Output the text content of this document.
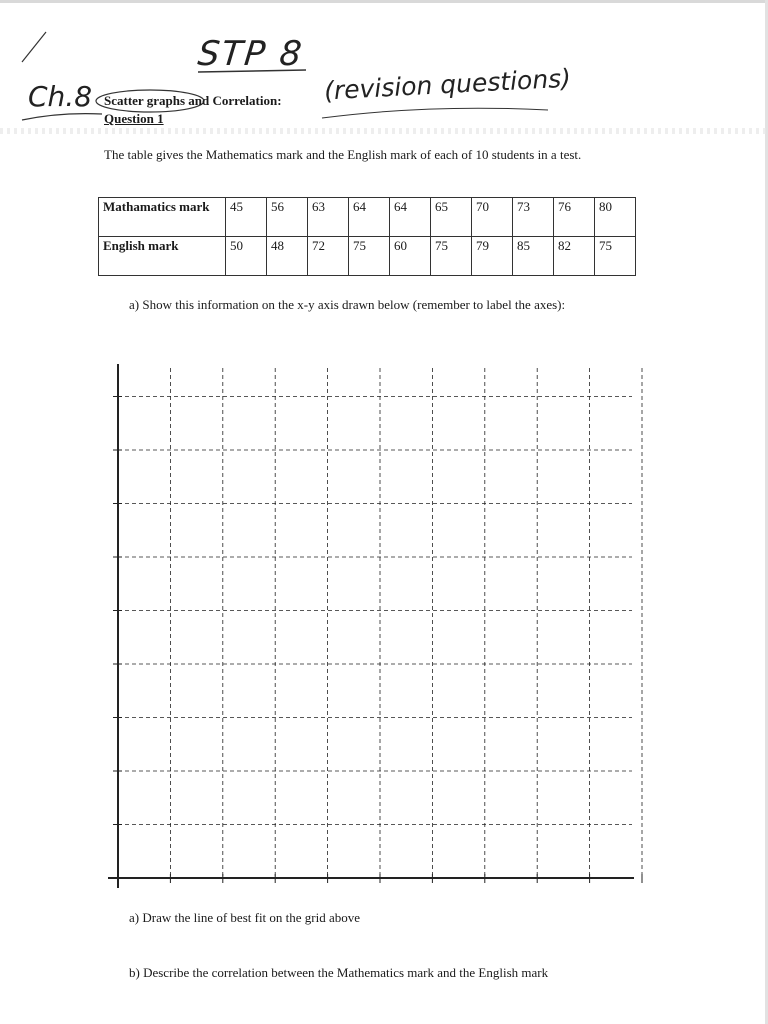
STP 8
Ch.8	(revision questions)
Scatter graphs and Correlation:
Question 1
The table gives the Mathematics mark and the English mark of each of 10 students in a test.
Mathamatics mark	45	56	63	64	64	65	70	73	76	80
English mark	50	48	72	75	60	75	79	85	82	75
a) Show this information on the x-y axis drawn below (remember to label the axes):
a) Draw the line of best fit on the grid above
b) Describe the correlation between the Mathematics mark and the English mark
